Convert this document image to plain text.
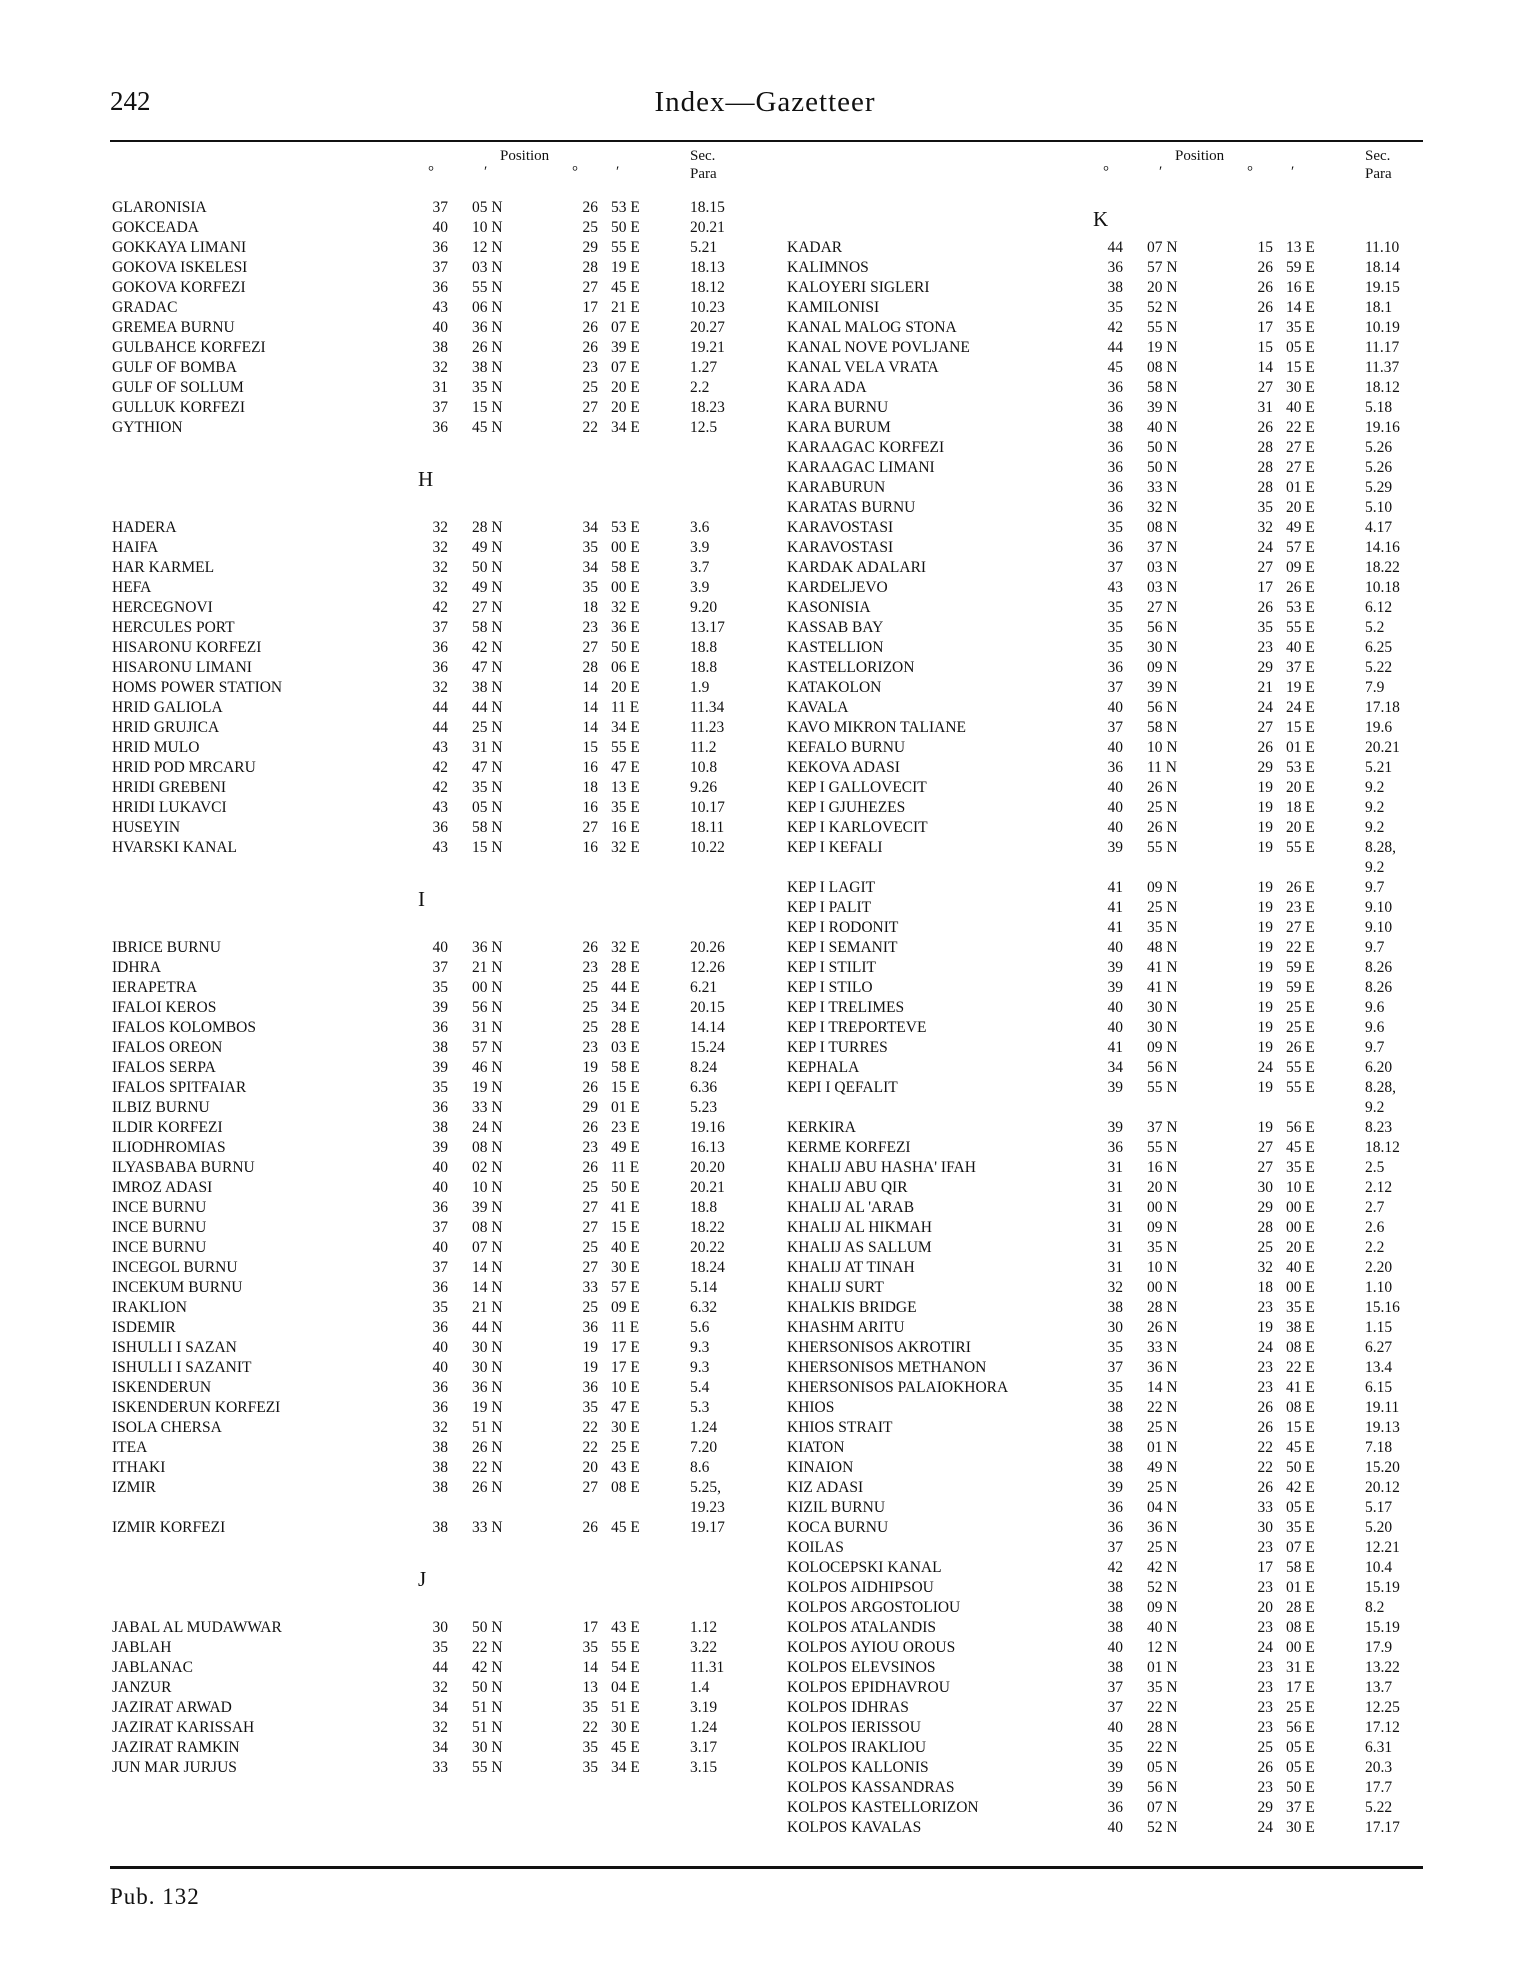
242	Index—Gazetteer
Position
°	′	°	′
Sec.
Para
GLARONISIA	37 05 N	26 53 E	18.15
GOKCEADA	40 10 N	25 50 E	20.21
GOKKAYA LIMANI	36 12 N	29 55 E	5.21
GOKOVA ISKELESI	37 03 N	28 19 E	18.13
GOKOVA KORFEZI	36 55 N	27 45 E	18.12
GRADAC	43 06 N	17 21 E	10.23
GREMEA BURNU	40 36 N	26 07 E	20.27
GULBAHCE KORFEZI	38 26 N	26 39 E	19.21
GULF OF BOMBA	32 38 N	23 07 E	1.27
GULF OF SOLLUM	31 35 N	25 20 E	2.2
GULLUK KORFEZI	37 15 N	27 20 E	18.23
GYTHION	36 45 N	22 34 E	12.5
H
HADERA	32 28 N	34 53 E	3.6
HAIFA	32 49 N	35 00 E	3.9
HAR KARMEL	32 50 N	34 58 E	3.7
HEFA	32 49 N	35 00 E	3.9
HERCEGNOVI	42 27 N	18 32 E	9.20
HERCULES PORT	37 58 N	23 36 E	13.17
HISARONU KORFEZI	36 42 N	27 50 E	18.8
HISARONU LIMANI	36 47 N	28 06 E	18.8
HOMS POWER STATION	32 38 N	14 20 E	1.9
HRID GALIOLA	44 44 N	14 11 E	11.34
HRID GRUJICA	44 25 N	14 34 E	11.23
HRID MULO	43 31 N	15 55 E	11.2
HRID POD MRCARU	42 47 N	16 47 E	10.8
HRIDI GREBENI	42 35 N	18 13 E	9.26
HRIDI LUKAVCI	43 05 N	16 35 E	10.17
HUSEYIN	36 58 N	27 16 E	18.11
HVARSKI KANAL	43 15 N	16 32 E	10.22
I
IBRICE BURNU	40 36 N	26 32 E	20.26
IDHRA	37 21 N	23 28 E	12.26
IERAPETRA	35 00 N	25 44 E	6.21
IFALOI KEROS	39 56 N	25 34 E	20.15
IFALOS KOLOMBOS	36 31 N	25 28 E	14.14
IFALOS OREON	38 57 N	23 03 E	15.24
IFALOS SERPA	39 46 N	19 58 E	8.24
IFALOS SPITFAIAR	35 19 N	26 15 E	6.36
ILBIZ BURNU	36 33 N	29 01 E	5.23
ILDIR KORFEZI	38 24 N	26 23 E	19.16
ILIODHROMIAS	39 08 N	23 49 E	16.13
ILYASBABA BURNU	40 02 N	26 11 E	20.20
IMROZ ADASI	40 10 N	25 50 E	20.21
INCE BURNU	36 39 N	27 41 E	18.8
INCE BURNU	37 08 N	27 15 E	18.22
INCE BURNU	40 07 N	25 40 E	20.22
INCEGOL BURNU	37 14 N	27 30 E	18.24
INCEKUM BURNU	36 14 N	33 57 E	5.14
IRAKLION	35 21 N	25 09 E	6.32
ISDEMIR	36 44 N	36 11 E	5.6
ISHULLI I SAZAN	40 30 N	19 17 E	9.3
ISHULLI I SAZANIT	40 30 N	19 17 E	9.3
ISKENDERUN	36 36 N	36 10 E	5.4
ISKENDERUN KORFEZI	36 19 N	35 47 E	5.3
ISOLA CHERSA	32 51 N	22 30 E	1.24
ITEA	38 26 N	22 25 E	7.20
ITHAKI	38 22 N	20 43 E	8.6
IZMIR	38 26 N	27 08 E	5.25,
19.23
IZMIR KORFEZI	38 33 N	26 45 E	19.17
J
JABAL AL MUDAWWAR	30 50 N	17 43 E	1.12
JABLAH	35 22 N	35 55 E	3.22
JABLANAC	44 42 N	14 54 E	11.31
JANZUR	32 50 N	13 04 E	1.4
JAZIRAT ARWAD	34 51 N	35 51 E	3.19
JAZIRAT KARISSAH	32 51 N	22 30 E	1.24
JAZIRAT RAMKIN	34 30 N	35 45 E	3.17
JUN MAR JURJUS	33 55 N	35 34 E	3.15
Position
°	′	°	′
Sec.
Para
K
KADAR	44 07 N	15 13 E	11.10
KALIMNOS	36 57 N	26 59 E	18.14
KALOYERI SIGLERI	38 20 N	26 16 E	19.15
KAMILONISI	35 52 N	26 14 E	18.1
KANAL MALOG STONA	42 55 N	17 35 E	10.19
KANAL NOVE POVLJANE	44 19 N	15 05 E	11.17
KANAL VELA VRATA	45 08 N	14 15 E	11.37
KARA ADA	36 58 N	27 30 E	18.12
KARA BURNU	36 39 N	31 40 E	5.18
KARA BURUM	38 40 N	26 22 E	19.16
KARAAGAC KORFEZI	36 50 N	28 27 E	5.26
KARAAGAC LIMANI	36 50 N	28 27 E	5.26
KARABURUN	36 33 N	28 01 E	5.29
KARATAS BURNU	36 32 N	35 20 E	5.10
KARAVOSTASI	35 08 N	32 49 E	4.17
KARAVOSTASI	36 37 N	24 57 E	14.16
KARDAK ADALARI	37 03 N	27 09 E	18.22
KARDELJEVO	43 03 N	17 26 E	10.18
KASONISIA	35 27 N	26 53 E	6.12
KASSAB BAY	35 56 N	35 55 E	5.2
KASTELLION	35 30 N	23 40 E	6.25
KASTELLORIZON	36 09 N	29 37 E	5.22
KATAKOLON	37 39 N	21 19 E	7.9
KAVALA	40 56 N	24 24 E	17.18
KAVO MIKRON TALIANE	37 58 N	27 15 E	19.6
KEFALO BURNU	40 10 N	26 01 E	20.21
KEKOVA ADASI	36 11 N	29 53 E	5.21
KEP I GALLOVECIT	40 26 N	19 20 E	9.2
KEP I GJUHEZES	40 25 N	19 18 E	9.2
KEP I KARLOVECIT	40 26 N	19 20 E	9.2
KEP I KEFALI	39 55 N	19 55 E	8.28,
9.2
KEP I LAGIT	41 09 N	19 26 E	9.7
KEP I PALIT	41 25 N	19 23 E	9.10
KEP I RODONIT	41 35 N	19 27 E	9.10
KEP I SEMANIT	40 48 N	19 22 E	9.7
KEP I STILIT	39 41 N	19 59 E	8.26
KEP I STILO	39 41 N	19 59 E	8.26
KEP I TRELIMES	40 30 N	19 25 E	9.6
KEP I TREPORTEVE	40 30 N	19 25 E	9.6
KEP I TURRES	41 09 N	19 26 E	9.7
KEPHALA	34 56 N	24 55 E	6.20
KEPI I QEFALIT	39 55 N	19 55 E	8.28,
9.2
KERKIRA	39 37 N	19 56 E	8.23
KERME KORFEZI	36 55 N	27 45 E	18.12
KHALIJ ABU HASHA' IFAH	31 16 N	27 35 E	2.5
KHALIJ ABU QIR	31 20 N	30 10 E	2.12
KHALIJ AL 'ARAB	31 00 N	29 00 E	2.7
KHALIJ AL HIKMAH	31 09 N	28 00 E	2.6
KHALIJ AS SALLUM	31 35 N	25 20 E	2.2
KHALIJ AT TINAH	31 10 N	32 40 E	2.20
KHALIJ SURT	32 00 N	18 00 E	1.10
KHALKIS BRIDGE	38 28 N	23 35 E	15.16
KHASHM ARITU	30 26 N	19 38 E	1.15
KHERSONISOS AKROTIRI	35 33 N	24 08 E	6.27
KHERSONISOS METHANON	37 36 N	23 22 E	13.4
KHERSONISOS PALAIOKHORA	35 14 N	23 41 E	6.15
KHIOS	38 22 N	26 08 E	19.11
KHIOS STRAIT	38 25 N	26 15 E	19.13
KIATON	38 01 N	22 45 E	7.18
KINAION	38 49 N	22 50 E	15.20
KIZ ADASI	39 25 N	26 42 E	20.12
KIZIL BURNU	36 04 N	33 05 E	5.17
KOCA BURNU	36 36 N	30 35 E	5.20
KOILAS	37 25 N	23 07 E	12.21
KOLOCEPSKI KANAL	42 42 N	17 58 E	10.4
KOLPOS AIDHIPSOU	38 52 N	23 01 E	15.19
KOLPOS ARGOSTOLIOU	38 09 N	20 28 E	8.2
KOLPOS ATALANDIS	38 40 N	23 08 E	15.19
KOLPOS AYIOU OROUS	40 12 N	24 00 E	17.9
KOLPOS ELEVSINOS	38 01 N	23 31 E	13.22
KOLPOS EPIDHAVROU	37 35 N	23 17 E	13.7
KOLPOS IDHRAS	37 22 N	23 25 E	12.25
KOLPOS IERISSOU	40 28 N	23 56 E	17.12
KOLPOS IRAKLIOU	35 22 N	25 05 E	6.31
KOLPOS KALLONIS	39 05 N	26 05 E	20.3
KOLPOS KASSANDRAS	39 56 N	23 50 E	17.7
KOLPOS KASTELLORIZON	36 07 N	29 37 E	5.22
KOLPOS KAVALAS	40 52 N	24 30 E	17.17
Pub. 132
